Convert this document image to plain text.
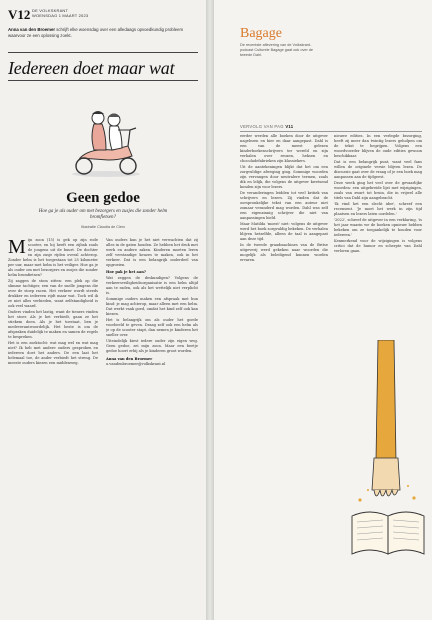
V12 DE VOLKSKRANT
WOENSDAG 1 MAART 2023
Anna van den Broemer schrijft elke woensdag over een alledaags opvoedkundig probleem waarvoor ze een oplossing zoekt.
Iedereen doet maar wat
Geen gedoe
Hoe ga je als ouder om met bezorgers en zusjes die zonder helm bromfietsen?
Illustratie Claudia de Clerc

Mijn zoon (15) is gek op zijn rode scooter, en hij heeft een zijbak zoals de jongens uit de buurt. De dochter en zijn zusje rijden overal achterop. Zonder helm is het toegestaan tot 25 kilometer per uur, maar met helm is het veiliger. Hoe ga je als ouder om met bezorgers en zusjes die zonder helm bromfietsen?

Zij zaggen de stom zitten: een plek op die slimme tachtiger, een van de snelle jongens die over de stoep racen. Het verkeer wordt steeds drukker en iedereen rijdt maar wat. Toch wil ik ze niet alles verbieden, want zelfstandigheid is ook veel waard.

Ouders vinden het lastig, want de tieners vinden het stoer. Als je het verbiedt, gaan ze het stiekem doen. Als je het toestaat, ben je medeverantwoordelijk. Het beste is om de afspraken duidelijk te maken en samen de regels te bespreken.

Het is een zoektocht: wat mag wel en wat mag niet? Ik heb met andere ouders gesproken en iedereen doet het anders. De een laat het helemaal toe, de ander verbiedt het streng. De meeste ouders kiezen een middenweg.

Van ouders kun je het niet verwachten dat zij alles in de gaten houden. Ze hebben het druk met werk en andere zaken. Kinderen moeten leren zelf verstandige keuzes te maken, ook in het verkeer. Dat is een belangrijk onderdeel van opgroeien.

Hoe pak je het aan?

Wat zeggen de deskundigen? Volgens de verkeersveiligheidsorganisatie is een helm altijd aan te raden, ook als het wettelijk niet verplicht is.

Sommige ouders maken een afspraak met hun kind: je mag achterop, maar alleen met een helm. Dat werkt vaak goed, omdat het kind zelf ook kan kiezen.

Het is belangrijk om als ouder het goede voorbeeld te geven. Draag zelf ook een helm als je op de scooter stapt, dan nemen je kinderen het sneller over.

Uiteindelijk kiest iedere ouder zijn eigen weg. Geen gedoe, zei mijn zoon. Maar een beetje gedoe hoort erbij als je kinderen groot worden.

Anna van den Broemer
a.vandenbroemer@volkskrant.nl

Bagage
De recentste aflevering van de Volkskrant-podcast Culturele Bagage gaat ook over de tweede Dahl.
VERVOLG VAN PAG V11

eerder werden alle boeken door de uitgever nagelezen en hier en daar aangepast. Dahl is een van de meest gelezen kinderboekenschrijvers ter wereld en zijn verhalen over reuzen, heksen en chocoladefabrieken zijn klassiekers.

Uit de aantekeningen blijkt dat het om een zorgvuldige afweging ging. Sommige woorden zijn vervangen door neutralere termen, zoals dik en lelijk, die volgens de uitgever kwetsend konden zijn voor lezers.

De veranderingen leidden tot veel kritiek van schrijvers en lezers. Zij vinden dat de oorspronkelijke tekst van een auteur niet zomaar veranderd mag worden. Dahl was zelf een eigenzinnig schrijver die niet van aanpassingen hield.

Maar Matilda 'moest' niet: volgens de uitgever werd het boek zorgvuldig bekeken. De verhalen blijven hetzelfde, alleen de taal is aangepast aan deze tijd.

In de tweede graadmachines van de Britse uitgeverij werd gekeken naar woorden die mogelijk als beledigend kunnen worden ervaren.

nieuwe edities. In een verlegde bezorging, heeft zij meer dan twintig lezers geholpen om de tekst te begrijpen. Volgens een woordvoerder blijven de oude edities gewoon beschikbaar.

Dat is een belangrijk punt, want veel fans willen de originele versie blijven lezen. De discussie gaat over de vraag of je een boek mag aanpassen aan de tijdgeest.

Deze week ging het veel over de gevaarlijke woorden: een uitgebreide lijst met wijzigingen, zoals van zwart tot bruin, die in vrijwel alle titels van Dahl zijn aangebracht.

'Ik vind het een slecht idee', schreef een recensent. 'Je moet het werk in zijn tijd plaatsen en lezers laten oordelen.'

'2022', schreef de uitgever in een verklaring, 'is het jaar waarin we de boeken opnieuw hebben bekeken om ze toegankelijk te houden voor iedereen.'

Kenmerkend voor de wijzigingen is volgens critici dat de humor en scherpte van Dahl verloren gaan.
